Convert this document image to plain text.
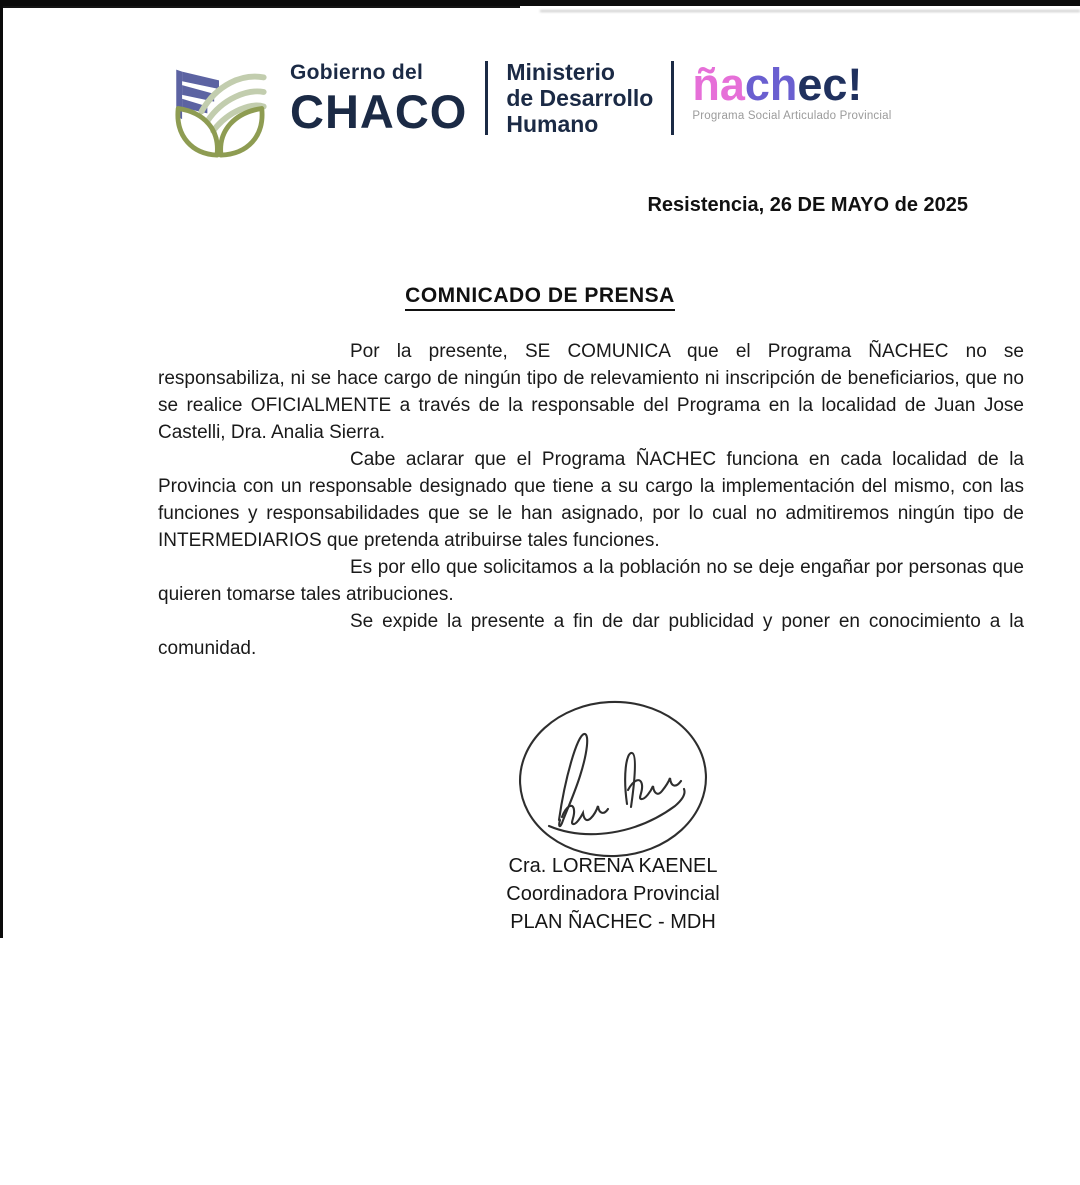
Gobierno del
CHACO
Ministerio
de Desarrollo
Humano
ñachec!
Programa Social Articulado Provincial
Resistencia, 26 DE MAYO de 2025
COMNICADO DE PRENSA

Por la presente, SE COMUNICA que el Programa ÑACHEC no se responsabiliza, ni se hace cargo de ningún tipo de relevamiento ni inscripción de beneficiarios, que no se realice OFICIALMENTE a través de la responsable del Programa en la localidad de Juan Jose Castelli, Dra. Analia Sierra.

Cabe aclarar que el Programa ÑACHEC funciona en cada localidad de la Provincia con un responsable designado que tiene a su cargo la implementación del mismo, con las funciones y responsabilidades que se le han asignado, por lo cual no admitiremos ningún tipo de INTERMEDIARIOS que pretenda atribuirse tales funciones.

Es por ello que solicitamos a la población no se deje engañar por personas que quieren tomarse tales atribuciones.

Se expide la presente a fin de dar publicidad y poner en conocimiento a la comunidad.

Cra. LORENA KAENEL
Coordinadora Provincial
PLAN ÑACHEC - MDH
